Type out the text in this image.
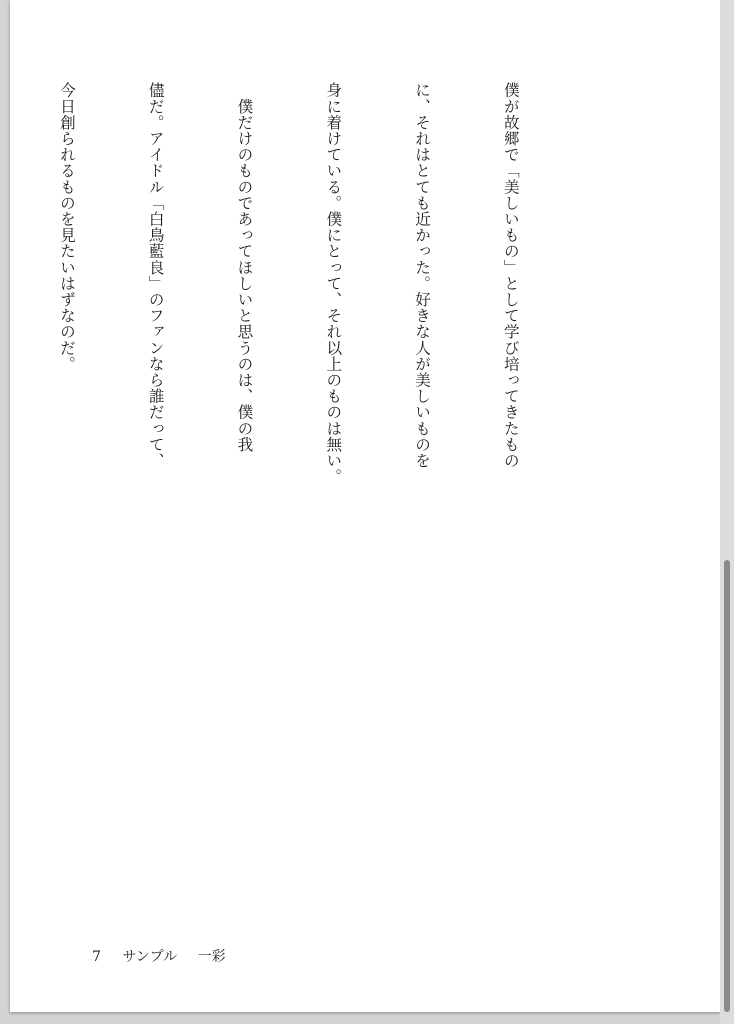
僕が故郷で「美しいもの」として学び培ってきたもの

に、それはとても近かった。好きな人が美しいものを

身に着けている。僕にとって、それ以上のものは無い。

　僕だけのものであってほしいと思うのは、僕の我

儘だ。アイドル「白鳥藍良」のファンなら誰だって、

今日創られるものを見たいはずなのだ。

7 サンプル 一彩
